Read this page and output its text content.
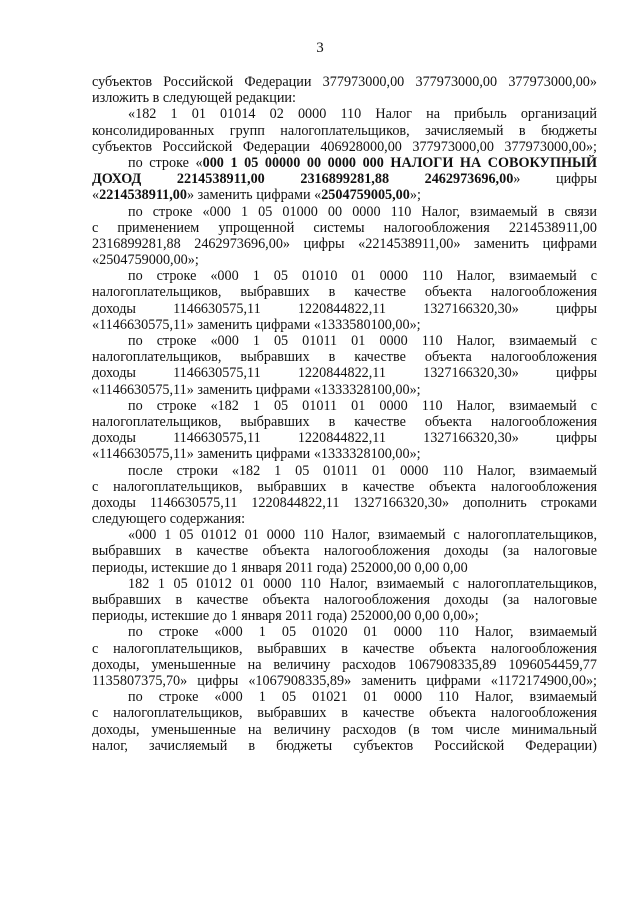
3
субъектов Российской Федерации 377973000,00 377973000,00 377973000,00»
изложить в следующей редакции:
«182 1 01 01014 02 0000 110 Налог на прибыль организаций
консолидированных групп налогоплательщиков, зачисляемый в бюджеты
субъектов Российской Федерации 406928000,00 377973000,00 377973000,00»;
по строке «000 1 05 00000 00 0000 000 НАЛОГИ НА СОВОКУПНЫЙ
ДОХОД 2214538911,00 2316899281,88 2462973696,00» цифры
«2214538911,00» заменить цифрами «2504759005,00»;
по строке «000 1 05 01000 00 0000 110 Налог, взимаемый в связи
с применением упрощенной системы налогообложения 2214538911,00
2316899281,88 2462973696,00» цифры «2214538911,00» заменить цифрами
«2504759000,00»;
по строке «000 1 05 01010 01 0000 110 Налог, взимаемый с
налогоплательщиков, выбравших в качестве объекта налогообложения
доходы 1146630575,11 1220844822,11 1327166320,30» цифры
«1146630575,11» заменить цифрами «1333580100,00»;
по строке «000 1 05 01011 01 0000 110 Налог, взимаемый с
налогоплательщиков, выбравших в качестве объекта налогообложения
доходы 1146630575,11 1220844822,11 1327166320,30» цифры
«1146630575,11» заменить цифрами «1333328100,00»;
по строке «182 1 05 01011 01 0000 110 Налог, взимаемый с
налогоплательщиков, выбравших в качестве объекта налогообложения
доходы 1146630575,11 1220844822,11 1327166320,30» цифры
«1146630575,11» заменить цифрами «1333328100,00»;
после строки «182 1 05 01011 01 0000 110 Налог, взимаемый
с налогоплательщиков, выбравших в качестве объекта налогообложения
доходы 1146630575,11 1220844822,11 1327166320,30» дополнить строками
следующего содержания:
«000 1 05 01012 01 0000 110 Налог, взимаемый с налогоплательщиков,
выбравших в качестве объекта налогообложения доходы (за налоговые
периоды, истекшие до 1 января 2011 года) 252000,00 0,00 0,00
182 1 05 01012 01 0000 110 Налог, взимаемый с налогоплательщиков,
выбравших в качестве объекта налогообложения доходы (за налоговые
периоды, истекшие до 1 января 2011 года) 252000,00 0,00 0,00»;
по строке «000 1 05 01020 01 0000 110 Налог, взимаемый
с налогоплательщиков, выбравших в качестве объекта налогообложения
доходы, уменьшенные на величину расходов 1067908335,89 1096054459,77
1135807375,70» цифры «1067908335,89» заменить цифрами «1172174900,00»;
по строке «000 1 05 01021 01 0000 110 Налог, взимаемый
с налогоплательщиков, выбравших в качестве объекта налогообложения
доходы, уменьшенные на величину расходов (в том числе минимальный
налог, зачисляемый в бюджеты субъектов Российской Федерации)
